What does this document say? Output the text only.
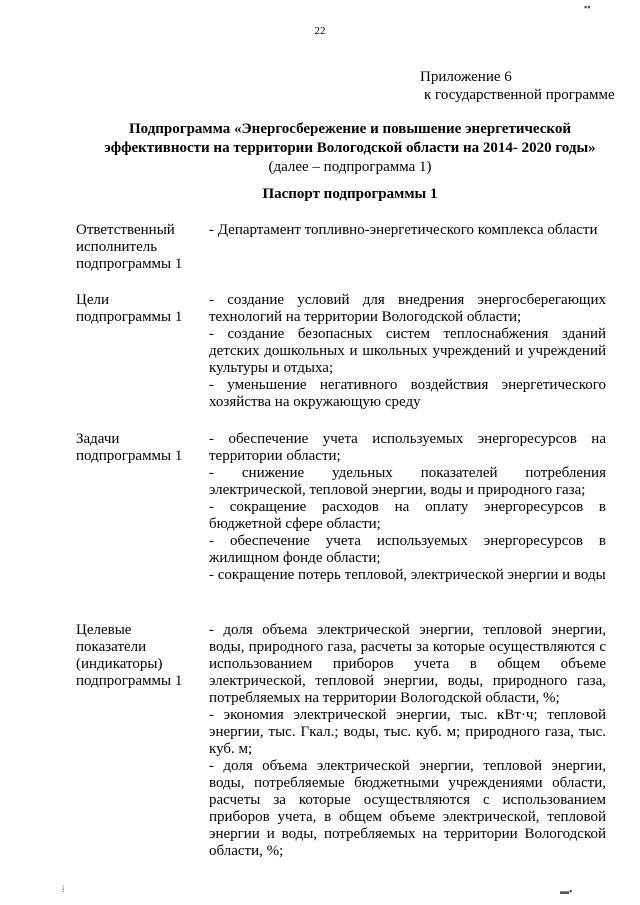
22
Приложение 6
к государственной программе
Подпрограмма «Энергосбережение и повышение энергетической
эффективности на территории Вологодской области на 2014- 2020 годы»
(далее – подпрограмма 1)
Паспорт подпрограммы 1
Ответственный
исполнитель
подпрограммы 1

- Департамент топливно-энергетического комплекса области

Цели
подпрограммы 1

- создание условий для внедрения энергосберегающих технологий на территории Вологодской области;

- создание безопасных систем теплоснабжения зданий детских дошкольных и школьных учреждений и учреждений культуры и отдыха;

- уменьшение негативного воздействия энергетического хозяйства на окружающую среду

Задачи
подпрограммы 1

- обеспечение учета используемых энергоресурсов на территории области;

- снижение удельных показателей потребления электрической, тепловой энергии, воды и природного газа;

- сокращение расходов на оплату энергоресурсов в бюджетной сфере области;

- обеспечение учета используемых энергоресурсов в жилищном фонде области;

- сокращение потерь тепловой, электрической энергии и воды

Целевые
показатели
(индикаторы)
подпрограммы 1

- доля объема электрической энергии, тепловой энергии, воды, природного газа, расчеты за которые осуществляются с использованием приборов учета в общем объеме электрической, тепловой энергии, воды, природного газа, потребляемых на территории Вологодской области, %;

- экономия электрической энергии, тыс. кВт·ч; тепловой энергии, тыс. Гкал.; воды, тыс. куб. м; природного газа, тыс. куб. м;

- доля объема электрической энергии, тепловой энергии, воды, потребляемые бюджетными учреждениями области, расчеты за которые осуществляются с использованием приборов учета, в общем объеме электрической, тепловой энергии и воды, потребляемых на территории Вологодской области, %;

⁞	▬▪
▪▪
